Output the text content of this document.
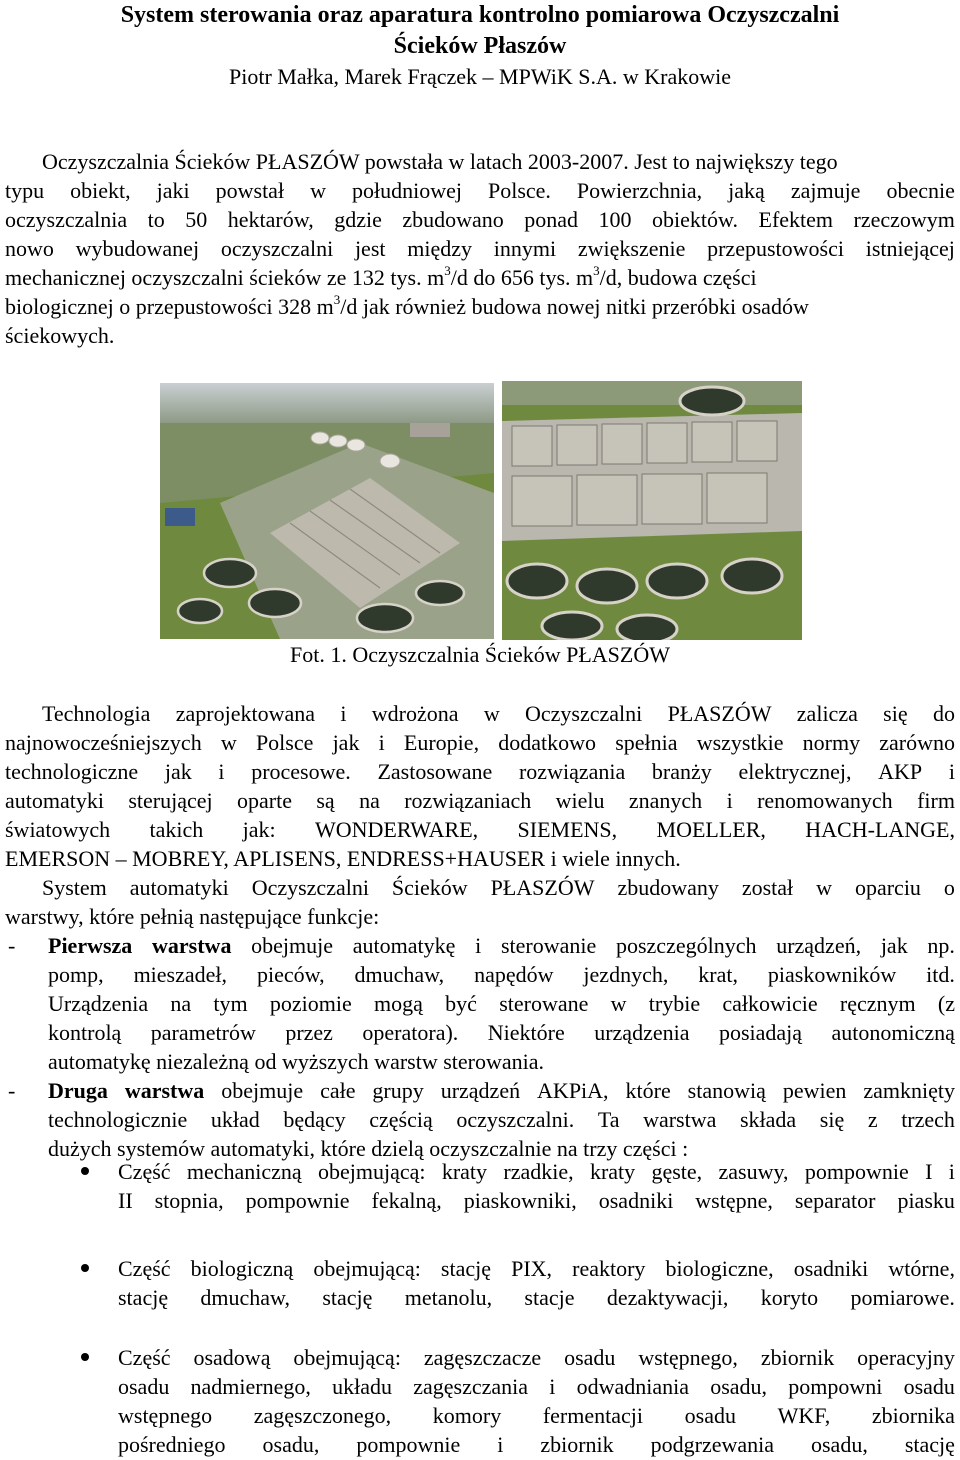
System sterowania oraz aparatura kontrolno pomiarowa Oczyszczalni
Ścieków Płaszów
Piotr Małka, Marek Frączek – MPWiK S.A. w Krakowie
Oczyszczalnia Ścieków PŁASZÓW powstała w latach 2003-2007. Jest to największy tego
typu obiekt, jaki powstał w południowej Polsce. Powierzchnia, jaką zajmuje obecnie
oczyszczalnia to 50 hektarów, gdzie zbudowano ponad 100 obiektów. Efektem rzeczowym
nowo wybudowanej oczyszczalni jest między innymi zwiększenie przepustowości istniejącej
mechanicznej oczyszczalni ścieków ze 132 tys. $m^3/d$ do 656 tys. $m^3/d$, budowa części
biologicznej o przepustowości 328 $m^3/d$ jak również budowa nowej nitki przeróbki osadów
ściekowych.
Fot. 1. Oczyszczalnia Ścieków PŁASZÓW
Technologia zaprojektowana i wdrożona w Oczyszczalni PŁASZÓW zalicza się do
najnowocześniejszych w Polsce jak i Europie, dodatkowo spełnia wszystkie normy zarówno
technologiczne jak i procesowe. Zastosowane rozwiązania branży elektrycznej, AKP i
automatyki sterującej oparte są na rozwiązaniach wielu znanych i renomowanych firm
światowych takich jak: WONDERWARE, SIEMENS, MOELLER, HACH-LANGE,
EMERSON – MOBREY, APLISENS, ENDRESS+HAUSER i wiele innych.
System automatyki Oczyszczalni Ścieków PŁASZÓW zbudowany został w oparciu o
warstwy, które pełnią następujące funkcje:
- Pierwsza warstwa obejmuje automatykę i sterowanie poszczególnych urządzeń, jak np.
pomp, mieszadeł, pieców, dmuchaw, napędów jezdnych, krat, piaskowników itd.
Urządzenia na tym poziomie mogą być sterowane w trybie całkowicie ręcznym (z
kontrolą parametrów przez operatora). Niektóre urządzenia posiadają autonomiczną
automatykę niezależną od wyższych warstw sterowania.
- Druga warstwa obejmuje całe grupy urządzeń AKPiA, które stanowią pewien zamknięty
technologicznie układ będący częścią oczyszczalni. Ta warstwa składa się z trzech
dużych systemów automatyki, które dzielą oczyszczalnie na trzy części :
Część mechaniczną obejmującą: kraty rzadkie, kraty gęste, zasuwy, pompownie I i
II stopnia, pompownie fekalną, piaskowniki, osadniki wstępne, separator piasku
Część biologiczną obejmującą: stację PIX, reaktory biologiczne, osadniki wtórne,
stację dmuchaw, stację metanolu, stacje dezaktywacji, koryto pomiarowe.
Część osadową obejmującą: zagęszczacze osadu wstępnego, zbiornik operacyjny
osadu nadmiernego, układu zagęszczania i odwadniania osadu, pompowni osadu
wstępnego zagęszczonego, komory fermentacji osadu WKF, zbiornika
pośredniego osadu, pompownie i zbiornik podgrzewania osadu, stację
